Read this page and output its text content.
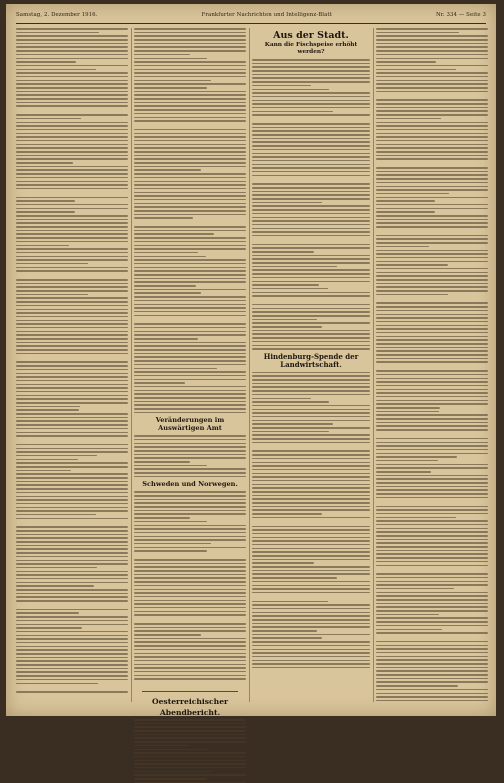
Samstag, 2. Dezember 1916.	Frankfurter Nachrichten und Intelligenz-Blatt	Nr. 334 — Seite 3
Veränderungen im Auswärtigen Amt
Schweden und Norwegen.
Oesterreichischer Abendbericht.
Aus der Stadt.
Kann die Fischspeise erhöht werden?
Hindenburg-Spende der Landwirtschaft.
